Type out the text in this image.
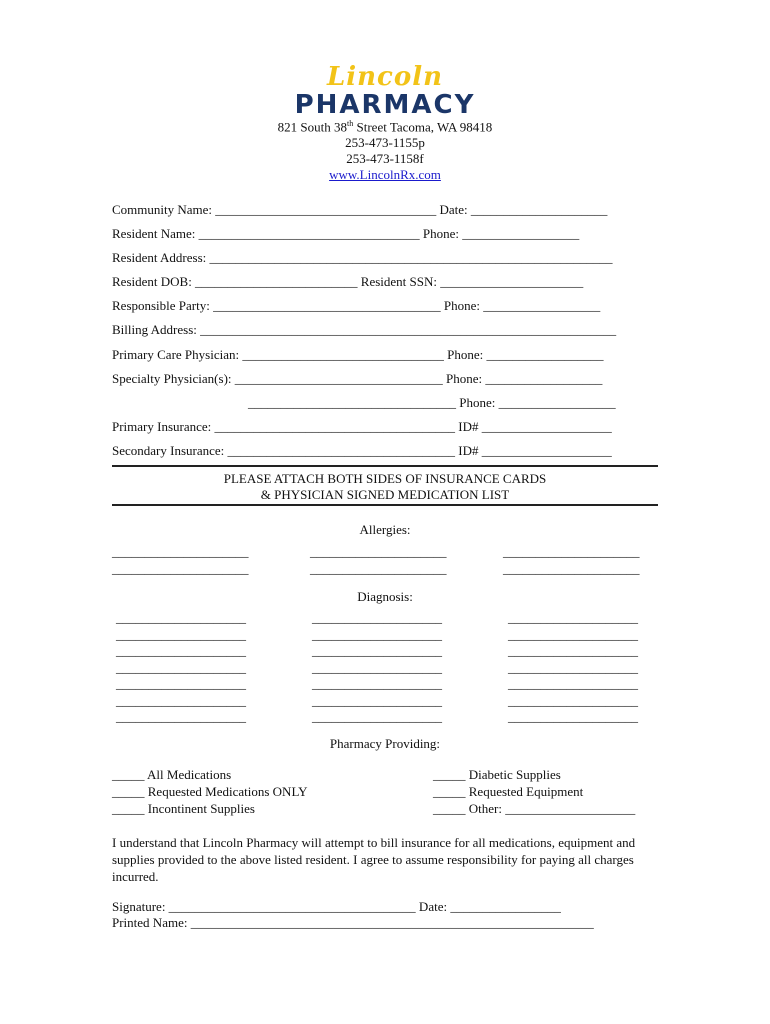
Lincoln
PHARMACY
821 South 38th Street Tacoma, WA 98418
253-473-1155p
253-473-1158f
www.LincolnRx.com
Community Name: __________________________________ Date: _____________________
Resident Name: __________________________________ Phone: __________________
Resident Address: ______________________________________________________________
Resident DOB: _________________________ Resident SSN: ______________________
Responsible Party: ___________________________________ Phone: __________________
Billing Address: ________________________________________________________________
Primary Care Physician: _______________________________ Phone: __________________
Specialty Physician(s): ________________________________ Phone: __________________
________________________________ Phone: __________________
Primary Insurance: _____________________________________ ID# ____________________
Secondary Insurance: ___________________________________ ID# ____________________
PLEASE ATTACH BOTH SIDES OF INSURANCE CARDS
& PHYSICIAN SIGNED MEDICATION LIST
Allergies:
Diagnosis:
Pharmacy Providing:
_____ All Medications
_____ Requested Medications ONLY
_____ Incontinent Supplies
_____ Diabetic Supplies
_____ Requested Equipment
_____ Other: ____________________
I understand that Lincoln Pharmacy will attempt to bill insurance for all medications, equipment and supplies provided to the above listed resident. I agree to assume responsibility for paying all charges incurred.
Signature: ______________________________________ Date: _________________
Printed Name: ______________________________________________________________
_____________________	_____________________	_____________________
_____________________	_____________________	_____________________
____________________	____________________	____________________
____________________	____________________	____________________
____________________	____________________	____________________
____________________	____________________	____________________
____________________	____________________	____________________
____________________	____________________	____________________
____________________	____________________	____________________
